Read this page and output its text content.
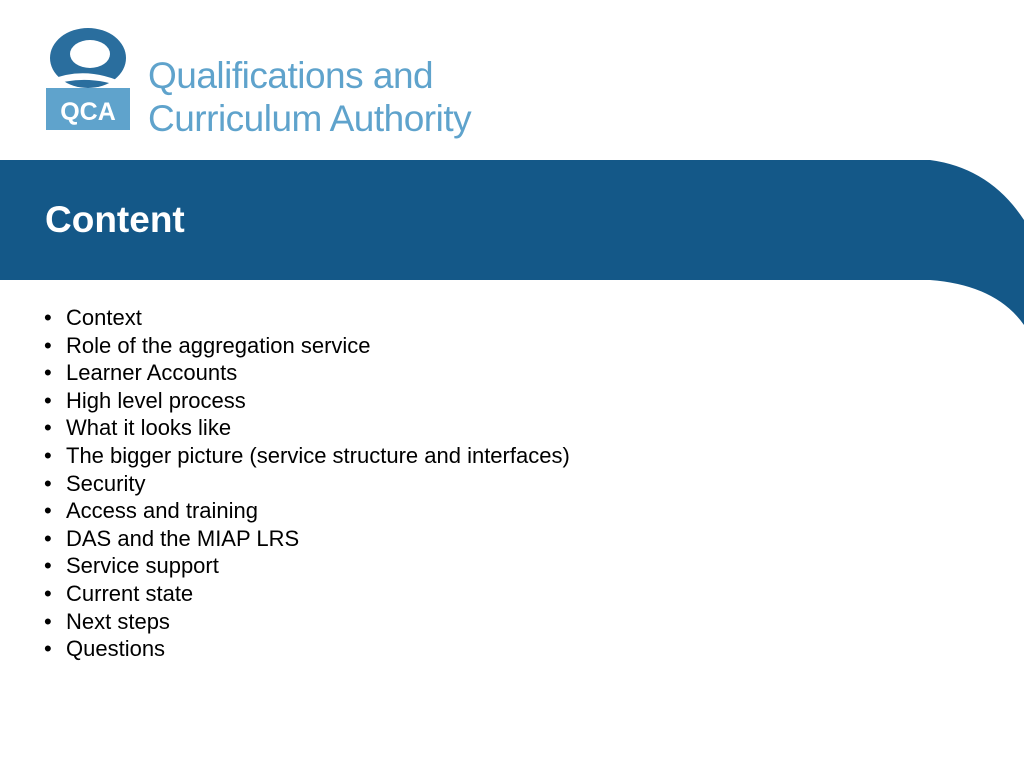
QCA
Qualifications and
Curriculum Authority
Content
• Context
• Role of the aggregation service
• Learner Accounts
• High level process
• What it looks like
• The bigger picture (service structure and interfaces)
• Security
• Access and training
• DAS and the MIAP LRS
• Service support
• Current state
• Next steps
• Questions
